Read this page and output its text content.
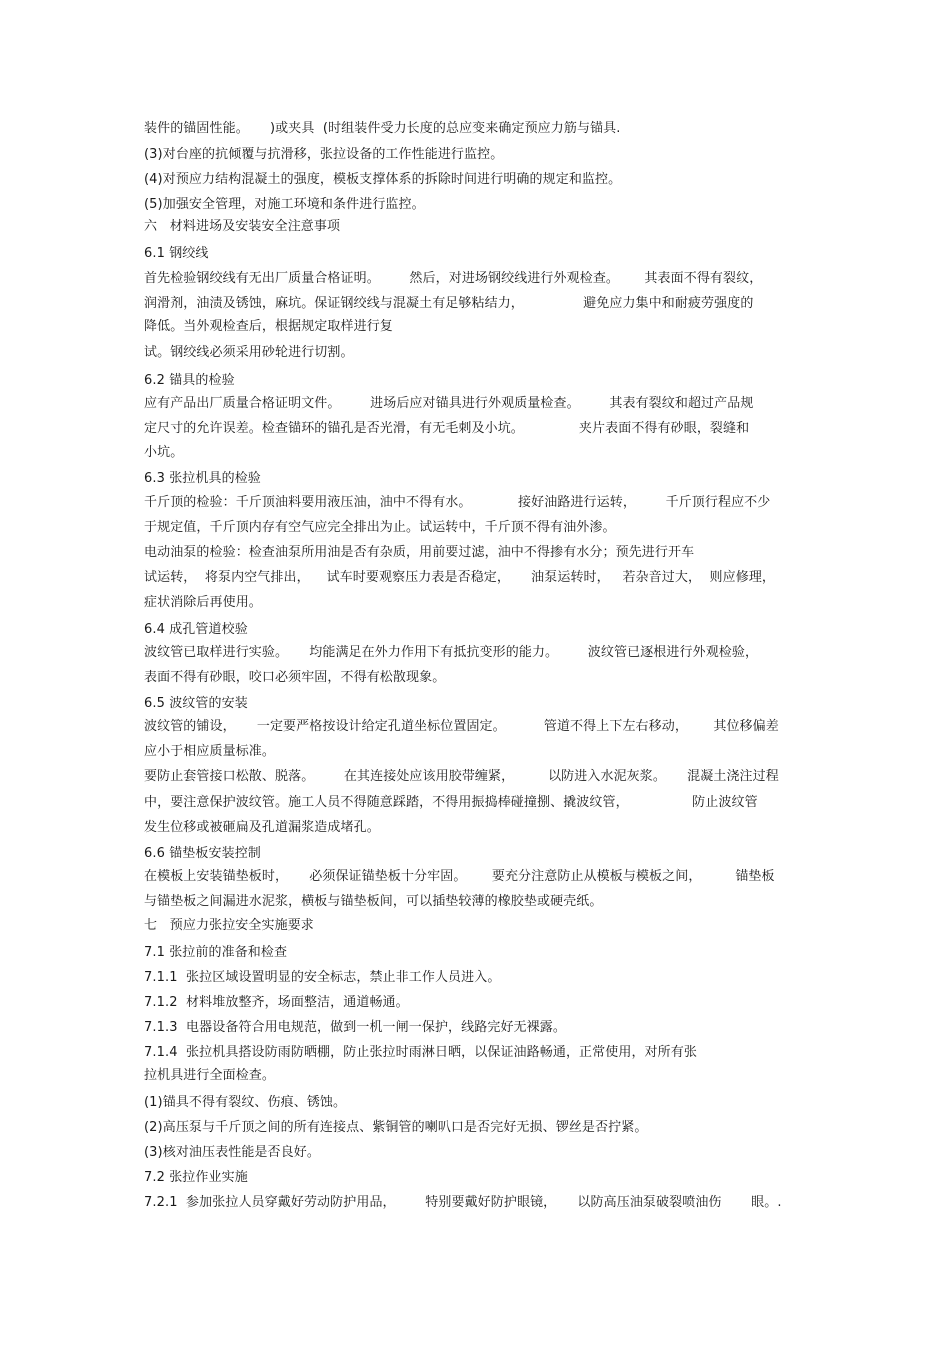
装件的锚固性能。     )或夹具  (时组装件受力长度的总应变来确定预应力筋与锚具.
(3)对台座的抗倾覆与抗滑移，张拉设备的工作性能进行监控。
(4)对预应力结构混凝土的强度，模板支撑体系的拆除时间进行明确的规定和监控。
(5)加强安全管理，对施工环境和条件进行监控。
六   材料进场及安装安全注意事项
6.1 钢绞线
首先检验钢绞线有无出厂质量合格证明。       然后，对进场钢绞线进行外观检查。      其表面不得有裂纹，
润滑剂，油渍及锈蚀，麻坑。保证钢绞线与混凝土有足够粘结力，              避免应力集中和耐疲劳强度的
降低。当外观检查后，根据规定取样进行复
试。钢绞线必须采用砂轮进行切割。
6.2 锚具的检验
应有产品出厂质量合格证明文件。       进场后应对锚具进行外观质量检查。       其表有裂纹和超过产品规
定尺寸的允许误差。检查锚环的锚孔是否光滑，有无毛刺及小坑。             夹片表面不得有砂眼，裂缝和
小坑。
6.3 张拉机具的检验
千斤顶的检验：千斤顶油料要用液压油，油中不得有水。           接好油路进行运转，       千斤顶行程应不少
于规定值，千斤顶内存有空气应完全排出为止。试运转中，千斤顶不得有油外渗。
电动油泵的检验：检查油泵所用油是否有杂质，用前要过滤，油中不得掺有水分；预先进行开车
试运转，  将泵内空气排出，    试车时要观察压力表是否稳定，     油泵运转时，   若杂音过大，  则应修理，
症状消除后再使用。
6.4 成孔管道校验
波纹管已取样进行实验。     均能满足在外力作用下有抵抗变形的能力。       波纹管已逐根进行外观检验，
表面不得有砂眼，咬口必须牢固，不得有松散现象。
6.5 波纹管的安装
波纹管的铺设，     一定要严格按设计给定孔道坐标位置固定。         管道不得上下左右移动，      其位移偏差
应小于相应质量标准。
要防止套管接口松散、脱落。       在其连接处应该用胶带缠紧，        以防进入水泥灰浆。     混凝土浇注过程
中，要注意保护波纹管。施工人员不得随意踩踏，不得用振捣棒碰撞捌、撬波纹管，               防止波纹管
发生位移或被砸扁及孔道漏浆造成堵孔。
6.6 锚垫板安装控制
在模板上安装锚垫板时，     必须保证锚垫板十分牢固。      要充分注意防止从模板与模板之间，        锚垫板
与锚垫板之间漏进水泥浆，横板与锚垫板间，可以插垫较薄的橡胶垫或硬壳纸。
七   预应力张拉安全实施要求
7.1 张拉前的准备和检查
7.1.1  张拉区域设置明显的安全标志，禁止非工作人员进入。
7.1.2  材料堆放整齐，场面整洁，通道畅通。
7.1.3  电器设备符合用电规范，做到一机一闸一保护，线路完好无裸露。
7.1.4  张拉机具搭设防雨防晒棚，防止张拉时雨淋日晒，以保证油路畅通，正常使用，对所有张
拉机具进行全面检查。
(1)锚具不得有裂纹、伤痕、锈蚀。
(2)高压泵与千斤顶之间的所有连接点、紫铜管的喇叭口是否完好无损、锣丝是否拧紧。
(3)核对油压表性能是否良好。
7.2 张拉作业实施
7.2.1  参加张拉人员穿戴好劳动防护用品，       特别要戴好防护眼镜，     以防高压油泵破裂喷油伤       眼。.
